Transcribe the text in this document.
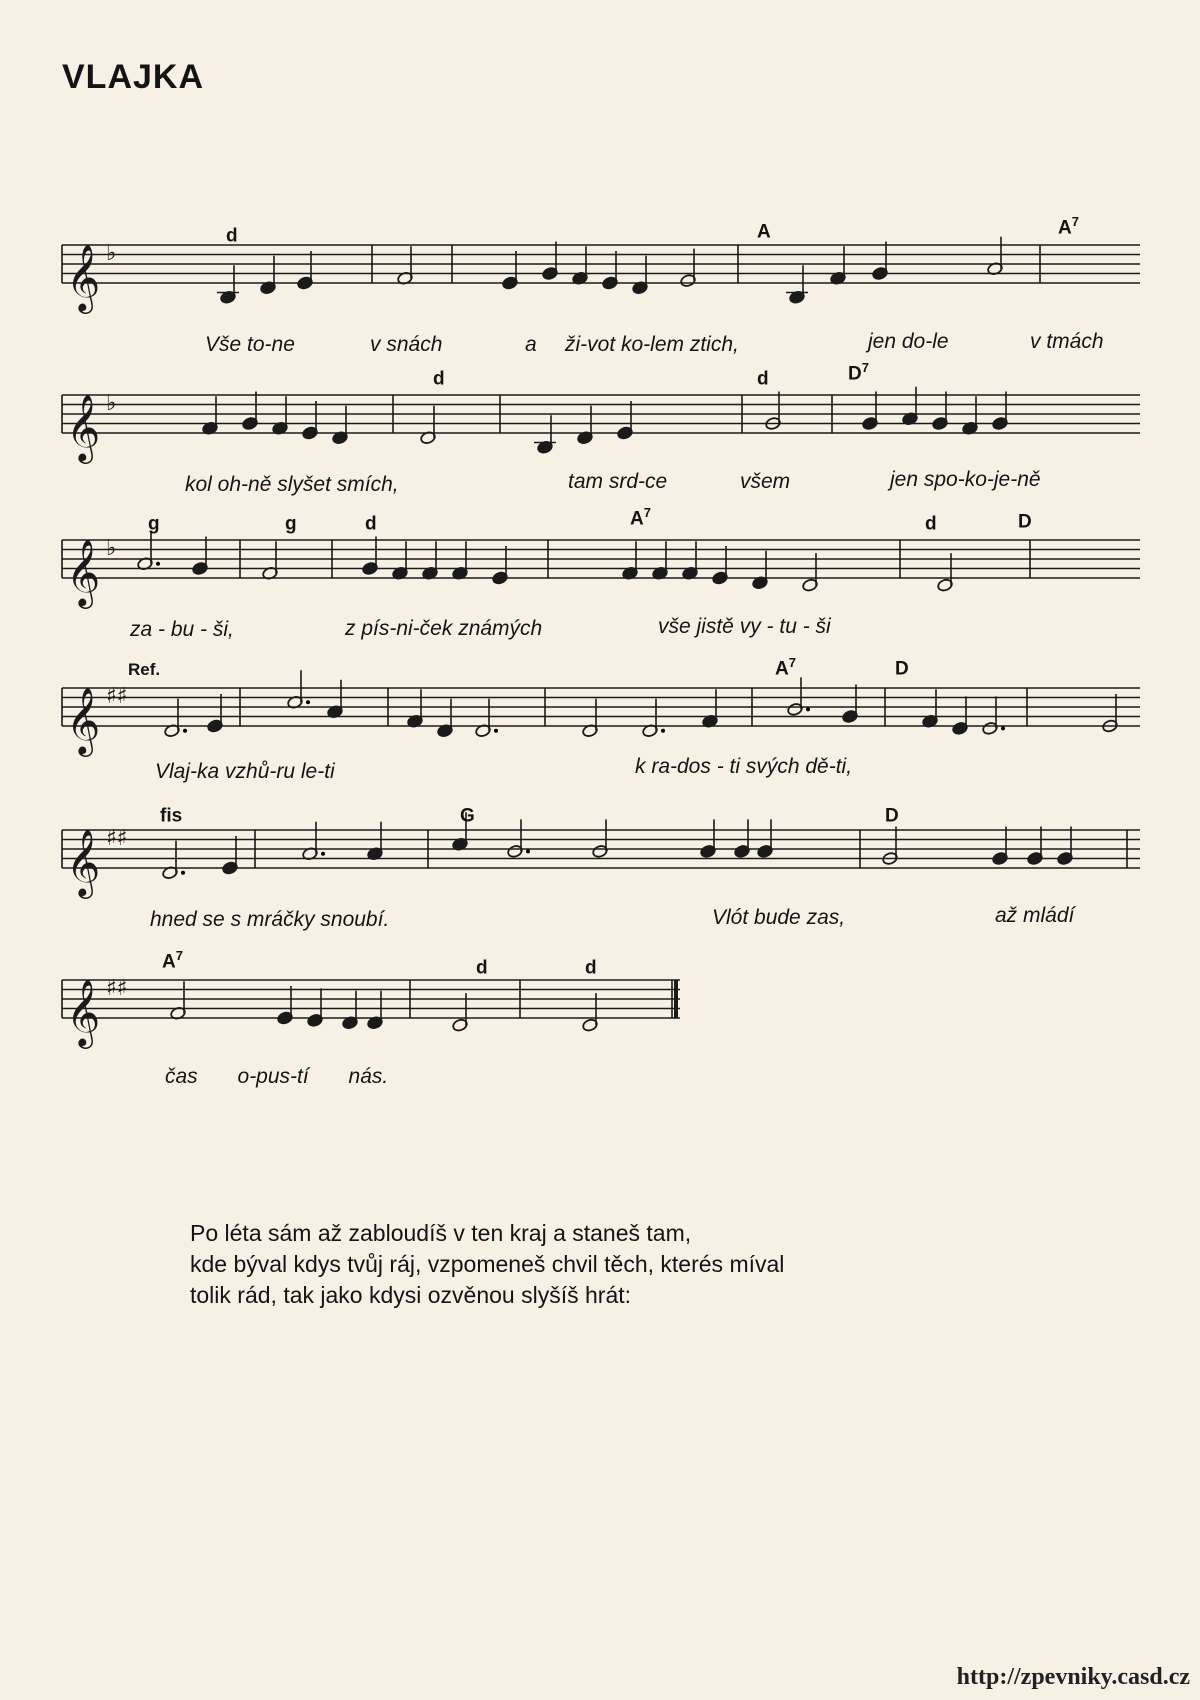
VLAJKA
𝄞 ♭
𝄞 ♭
𝄞 ♭
𝄞 ♯♯
𝄞 ♯♯
𝄞 ♯♯
d	A	$A^7$
d	d	$D^7$
g	g	d	$A^7$
d	D
Ref.	$A^7$	D
fis	G	D
$A^7$
d	d
Vše to-ne	v snách	a ži-vot ko-lem ztich,	jen do-le	v tmách
kol oh-ně slyšet smích,	tam srd-ce	všem	jen spo-ko-je-ně
za - bu - ši,	z pís-ni-ček známých	vše jistě vy - tu - ši
Vlaj-ka vzhů-ru le-ti	k ra-dos - ti svých dě-ti,
hned se s mráčky snoubí.	Vlót bude zas,	až mládí
čas o-pus-tí nás.
Po léta sám až zabloudíš v ten kraj a staneš tam,
kde býval kdys tvůj ráj, vzpomeneš chvil těch, kterés míval
tolik rád, tak jako kdysi ozvěnou slyšíš hrát:
http://zpevniky.casd.cz
